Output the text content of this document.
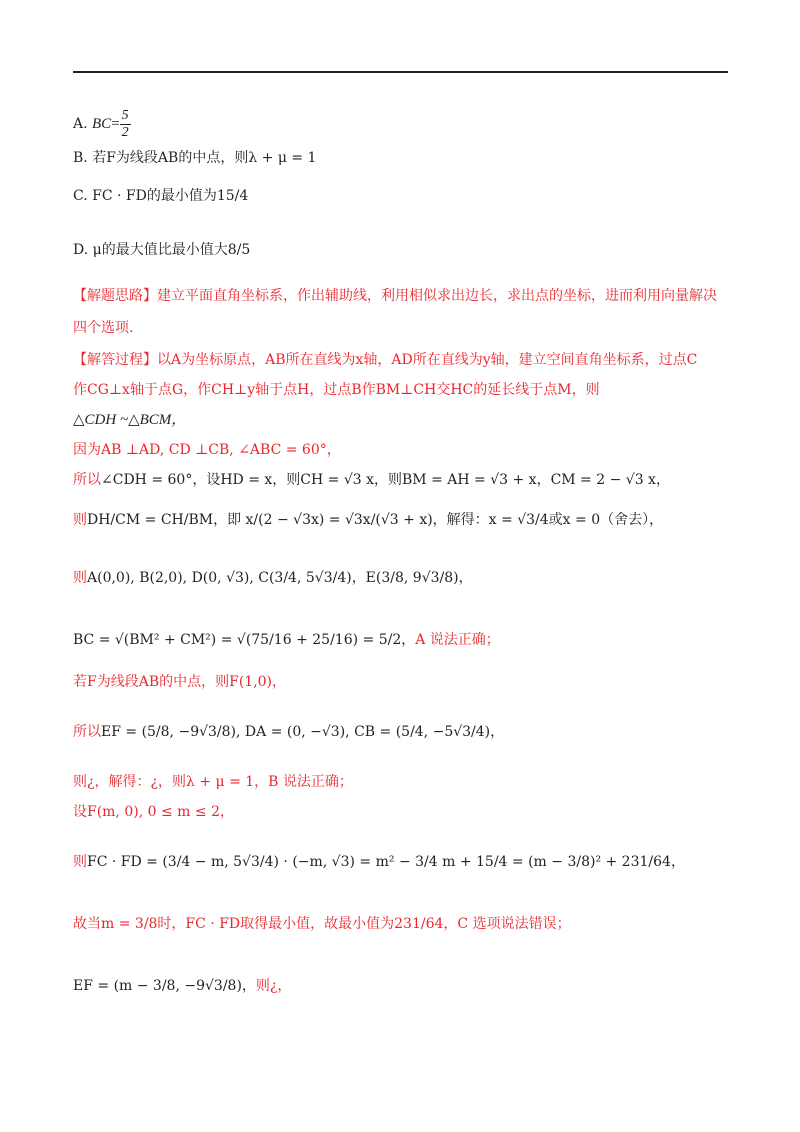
A. $BC= \frac{5}{2}$
B. 若F为线段AB的中点，则λ + μ = 1
C. FC · FD的最小值为15/4
D. μ的最大值比最小值大8/5
【解题思路】建立平面直角坐标系，作出辅助线，利用相似求出边长，求出点的坐标，进而利用向量解决
四个选项.
【解答过程】以A为坐标原点，AB所在直线为x轴，AD所在直线为y轴，建立空间直角坐标系，过点C
作CG⊥x轴于点G，作CH⊥y轴于点H，过点B作BM⊥CH交HC的延长线于点M，则
△CDH ~△BCM，
因为AB ⊥AD, CD ⊥CB, ∠ABC = 60°，
所以∠CDH = 60°，设HD = x，则CH = √3 x，则BM = AH = √3 + x，CM = 2 − √3 x，
则DH/CM = CH/BM，即 x/(2 − √3x) = √3x/(√3 + x)，解得：x = √3/4或x = 0（舍去），
则A(0,0), B(2,0), D(0, √3), C(3/4, 5√3/4)，E(3/8, 9√3/8)，
BC = √(BM² + CM²) = √(75/16 + 25/16) = 5/2，A 说法正确；
若F为线段AB的中点，则F(1,0)，
所以EF = (5/8, −9√3/8), DA = (0, −√3), CB = (5/4, −5√3/4)，
则¿，解得：¿，则λ + μ = 1，B 说法正确；
设F(m, 0), 0 ≤ m ≤ 2，
则FC · FD = (3/4 − m, 5√3/4) · (−m, √3) = m² − 3/4 m + 15/4 = (m − 3/8)² + 231/64，
故当m = 3/8时，FC · FD取得最小值，故最小值为231/64，C 选项说法错误；
EF = (m − 3/8, −9√3/8)，则¿，
